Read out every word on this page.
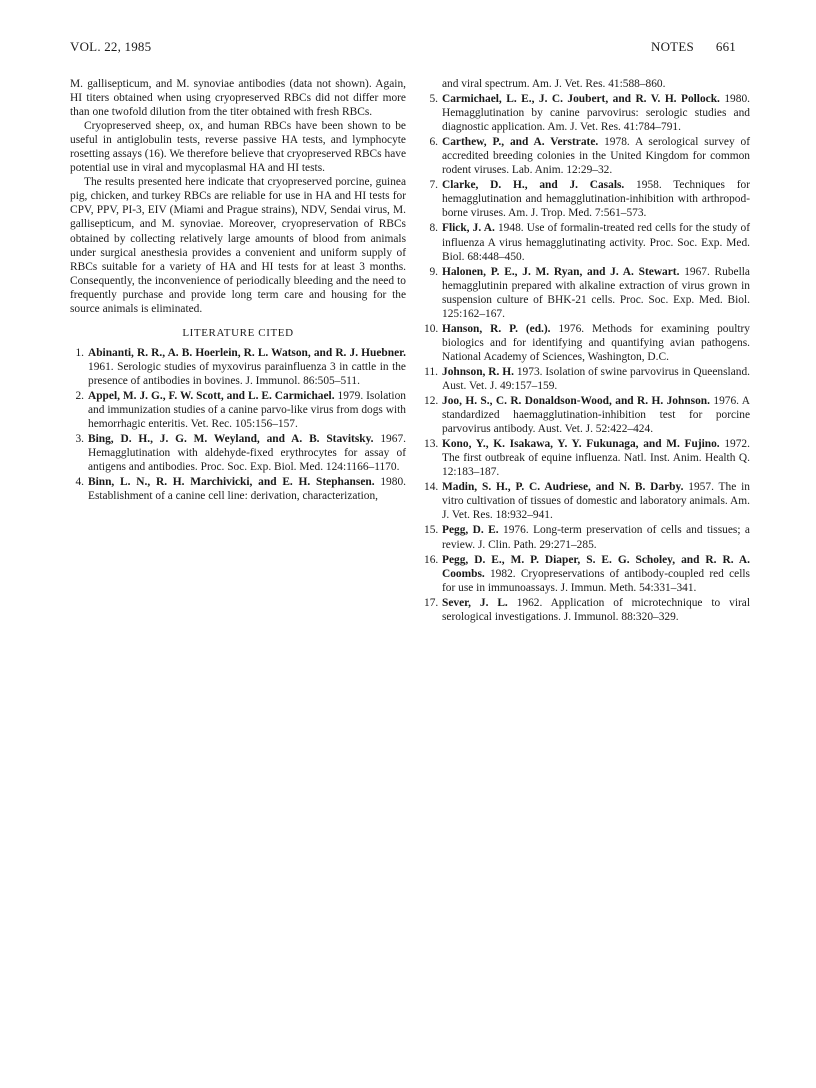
VOL. 22, 1985	NOTES 661

M. gallisepticum, and M. synoviae antibodies (data not shown). Again, HI titers obtained when using cryopreserved RBCs did not differ more than one twofold dilution from the titer obtained with fresh RBCs.

Cryopreserved sheep, ox, and human RBCs have been shown to be useful in antiglobulin tests, reverse passive HA tests, and lymphocyte rosetting assays (16). We therefore believe that cryopreserved RBCs have potential use in viral and mycoplasmal HA and HI tests.

The results presented here indicate that cryopreserved porcine, guinea pig, chicken, and turkey RBCs are reliable for use in HA and HI tests for CPV, PPV, PI-3, EIV (Miami and Prague strains), NDV, Sendai virus, M. gallisepticum, and M. synoviae. Moreover, cryopreservation of RBCs obtained by collecting relatively large amounts of blood from animals under surgical anesthesia provides a convenient and uniform supply of RBCs suitable for a variety of HA and HI tests for at least 3 months. Consequently, the inconvenience of periodically bleeding and the need to frequently purchase and provide long term care and housing for the source animals is eliminated.

LITERATURE CITED
1. Abinanti, R. R., A. B. Hoerlein, R. L. Watson, and R. J. Huebner. 1961. Serologic studies of myxovirus parainfluenza 3 in cattle in the presence of antibodies in bovines. J. Immunol. 86:505–511.
2. Appel, M. J. G., F. W. Scott, and L. E. Carmichael. 1979. Isolation and immunization studies of a canine parvo-like virus from dogs with hemorrhagic enteritis. Vet. Rec. 105:156–157.
3. Bing, D. H., J. G. M. Weyland, and A. B. Stavitsky. 1967. Hemagglutination with aldehyde-fixed erythrocytes for assay of antigens and antibodies. Proc. Soc. Exp. Biol. Med. 124:1166–1170.
4. Binn, L. N., R. H. Marchivicki, and E. H. Stephansen. 1980. Establishment of a canine cell line: derivation, characterization,
and viral spectrum. Am. J. Vet. Res. 41:588–860.
5. Carmichael, L. E., J. C. Joubert, and R. V. H. Pollock. 1980. Hemagglutination by canine parvovirus: serologic studies and diagnostic application. Am. J. Vet. Res. 41:784–791.
6. Carthew, P., and A. Verstrate. 1978. A serological survey of accredited breeding colonies in the United Kingdom for common rodent viruses. Lab. Anim. 12:29–32.
7. Clarke, D. H., and J. Casals. 1958. Techniques for hemagglutination and hemagglutination-inhibition with arthropod-borne viruses. Am. J. Trop. Med. 7:561–573.
8. Flick, J. A. 1948. Use of formalin-treated red cells for the study of influenza A virus hemagglutinating activity. Proc. Soc. Exp. Med. Biol. 68:448–450.
9. Halonen, P. E., J. M. Ryan, and J. A. Stewart. 1967. Rubella hemagglutinin prepared with alkaline extraction of virus grown in suspension culture of BHK-21 cells. Proc. Soc. Exp. Med. Biol. 125:162–167.
10. Hanson, R. P. (ed.). 1976. Methods for examining poultry biologics and for identifying and quantifying avian pathogens. National Academy of Sciences, Washington, D.C.
11. Johnson, R. H. 1973. Isolation of swine parvovirus in Queensland. Aust. Vet. J. 49:157–159.
12. Joo, H. S., C. R. Donaldson-Wood, and R. H. Johnson. 1976. A standardized haemagglutination-inhibition test for porcine parvovirus antibody. Aust. Vet. J. 52:422–424.
13. Kono, Y., K. Isakawa, Y. Y. Fukunaga, and M. Fujino. 1972. The first outbreak of equine influenza. Natl. Inst. Anim. Health Q. 12:183–187.
14. Madin, S. H., P. C. Audriese, and N. B. Darby. 1957. The in vitro cultivation of tissues of domestic and laboratory animals. Am. J. Vet. Res. 18:932–941.
15. Pegg, D. E. 1976. Long-term preservation of cells and tissues; a review. J. Clin. Path. 29:271–285.
16. Pegg, D. E., M. P. Diaper, S. E. G. Scholey, and R. R. A. Coombs. 1982. Cryopreservations of antibody-coupled red cells for use in immunoassays. J. Immun. Meth. 54:331–341.
17. Sever, J. L. 1962. Application of microtechnique to viral serological investigations. J. Immunol. 88:320–329.
